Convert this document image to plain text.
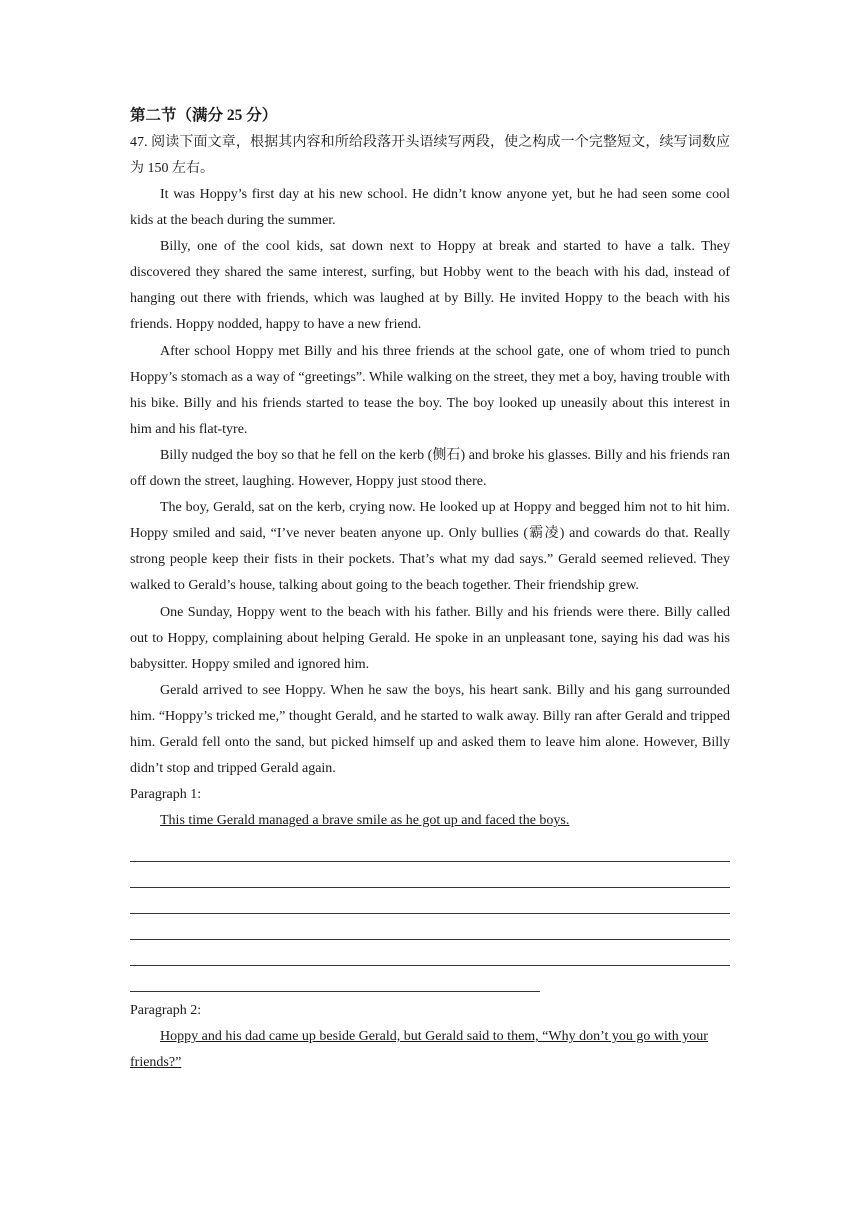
第二节（满分 25 分）

47. 阅读下面文章，根据其内容和所给段落开头语续写两段，使之构成一个完整短文，续写词数应为 150 左右。

It was Hoppy’s first day at his new school. He didn’t know anyone yet, but he had seen some cool kids at the beach during the summer.

Billy, one of the cool kids, sat down next to Hoppy at break and started to have a talk. They discovered they shared the same interest, surfing, but Hobby went to the beach with his dad, instead of hanging out there with friends, which was laughed at by Billy. He invited Hoppy to the beach with his friends. Hoppy nodded, happy to have a new friend.

After school Hoppy met Billy and his three friends at the school gate, one of whom tried to punch Hoppy’s stomach as a way of “greetings”. While walking on the street, they met a boy, having trouble with his bike. Billy and his friends started to tease the boy. The boy looked up uneasily about this interest in him and his flat-tyre.

Billy nudged the boy so that he fell on the kerb (侧石) and broke his glasses. Billy and his friends ran off down the street, laughing. However, Hoppy just stood there.

The boy, Gerald, sat on the kerb, crying now. He looked up at Hoppy and begged him not to hit him. Hoppy smiled and said, “I’ve never beaten anyone up. Only bullies (霸凌) and cowards do that. Really strong people keep their fists in their pockets. That’s what my dad says.” Gerald seemed relieved. They walked to Gerald’s house, talking about going to the beach together. Their friendship grew.

One Sunday, Hoppy went to the beach with his father. Billy and his friends were there. Billy called out to Hoppy, complaining about helping Gerald. He spoke in an unpleasant tone, saying his dad was his babysitter. Hoppy smiled and ignored him.

Gerald arrived to see Hoppy. When he saw the boys, his heart sank. Billy and his gang surrounded him. “Hoppy’s tricked me,” thought Gerald, and he started to walk away. Billy ran after Gerald and tripped him. Gerald fell onto the sand, but picked himself up and asked them to leave him alone. However, Billy didn’t stop and tripped Gerald again.

Paragraph 1:

This time Gerald managed a brave smile as he got up and faced the boys.

Paragraph 2:

Hoppy and his dad came up beside Gerald, but Gerald said to them, “Why don’t you go with your friends?”
